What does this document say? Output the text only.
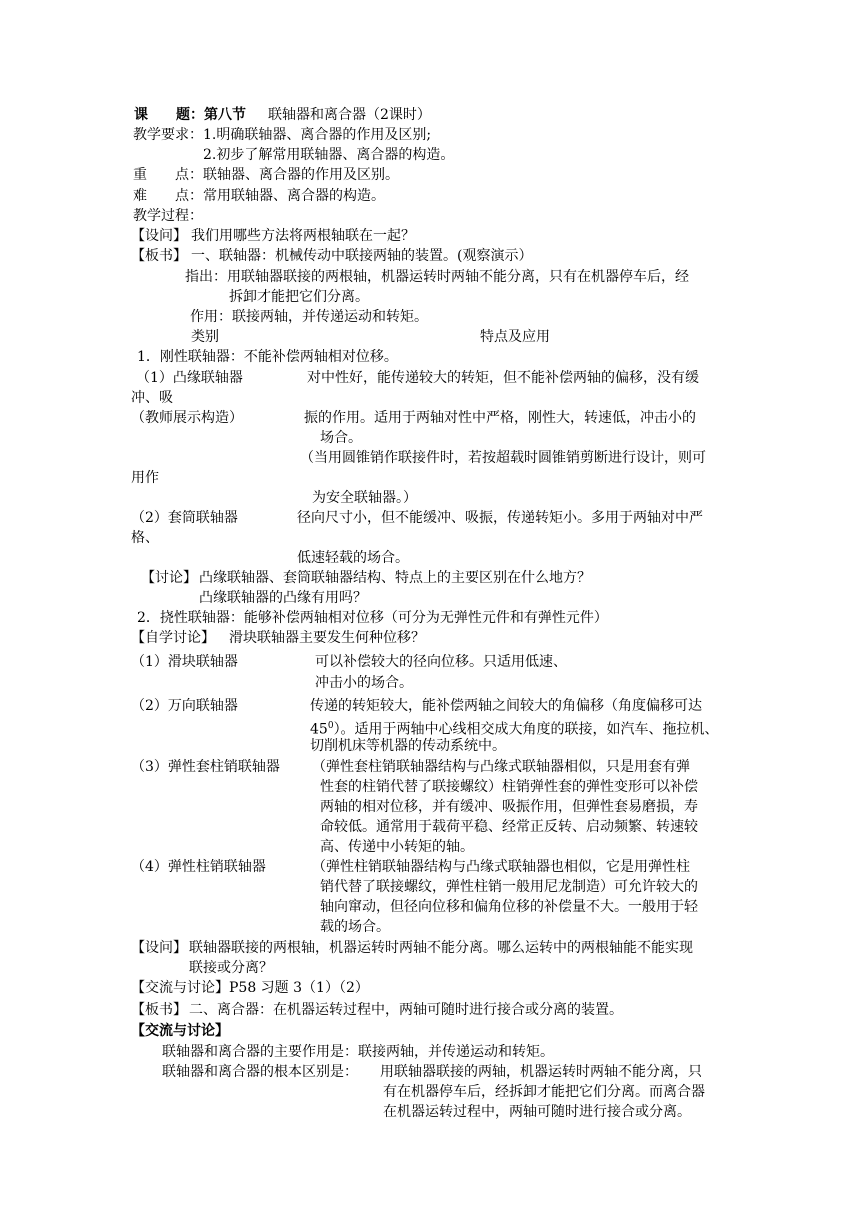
课　　题： 第八节 联轴器和离合器（2课时）
教学要求： 1.明确联轴器、离合器的作用及区别;
2.初步了解常用联轴器、离合器的构造。
重　　点： 联轴器、离合器的作用及区别。
难　　点： 常用联轴器、离合器的构造。
教学过程：
【设问】 我们用哪些方法将两根轴联在一起？
【板书】 一、联轴器：机械传动中联接两轴的装置。(观察演示）
指出：用联轴器联接的两根轴，机器运转时两轴不能分离，只有在机器停车后，经
拆卸才能把它们分离。
作用：联接两轴，并传递运动和转矩。
类别	特点及应用
1．刚性联轴器：不能补偿两轴相对位移。
（1）凸缘联轴器	对中性好，能传递较大的转矩，但不能补偿两轴的偏移，没有缓
冲、吸
（教师展示构造）	振的作用。适用于两轴对性中严格，刚性大，转速低，冲击小的
场合。
（当用圆锥销作联接件时，若按超载时圆锥销剪断进行设计，则可
用作
为安全联轴器。）
（2）套筒联轴器	径向尺寸小，但不能缓冲、吸振，传递转矩小。多用于两轴对中严
格、
低速轻载的场合。
【讨论】 凸缘联轴器、套筒联轴器结构、特点上的主要区别在什么地方？
凸缘联轴器的凸缘有用吗？
2．挠性联轴器：能够补偿两轴相对位移（可分为无弹性元件和有弹性元件）
【自学讨论】 滑块联轴器主要发生何种位移？
（1）滑块联轴器	可以补偿较大的径向位移。只适用低速、
冲击小的场合。
（2）万向联轴器	传递的转矩较大，能补偿两轴之间较大的角偏移（角度偏移可达
$45^0$）。适用于两轴中心线相交成大角度的联接，如汽车、拖拉机、
切削机床等机器的传动系统中。
（3）弹性套柱销联轴器 （弹性套柱销联轴器结构与凸缘式联轴器相似，只是用套有弹
性套的柱销代替了联接螺纹）柱销弹性套的弹性变形可以补偿
两轴的相对位移，并有缓冲、吸振作用，但弹性套易磨损，寿
命较低。通常用于载荷平稳、经常正反转、启动频繁、转速较
高、传递中小转矩的轴。
（4）弹性柱销联轴器	（弹性柱销联轴器结构与凸缘式联轴器也相似，它是用弹性柱
销代替了联接螺纹，弹性柱销一般用尼龙制造）可允许较大的
轴向窜动，但径向位移和偏角位移的补偿量不大。一般用于轻
载的场合。
【设问】 联轴器联接的两根轴，机器运转时两轴不能分离。哪么运转中的两根轴能不能实现
联接或分离？
【交流与讨论】 P58 习题 3（1）（2）
【板书】 二、离合器：在机器运转过程中，两轴可随时进行接合或分离的装置。
【交流与讨论】
联轴器和离合器的主要作用是：联接两轴，并传递运动和转矩。
联轴器和离合器的根本区别是： 用联轴器联接的两轴，机器运转时两轴不能分离，只
有在机器停车后，经拆卸才能把它们分离。而离合器
在机器运转过程中，两轴可随时进行接合或分离。
